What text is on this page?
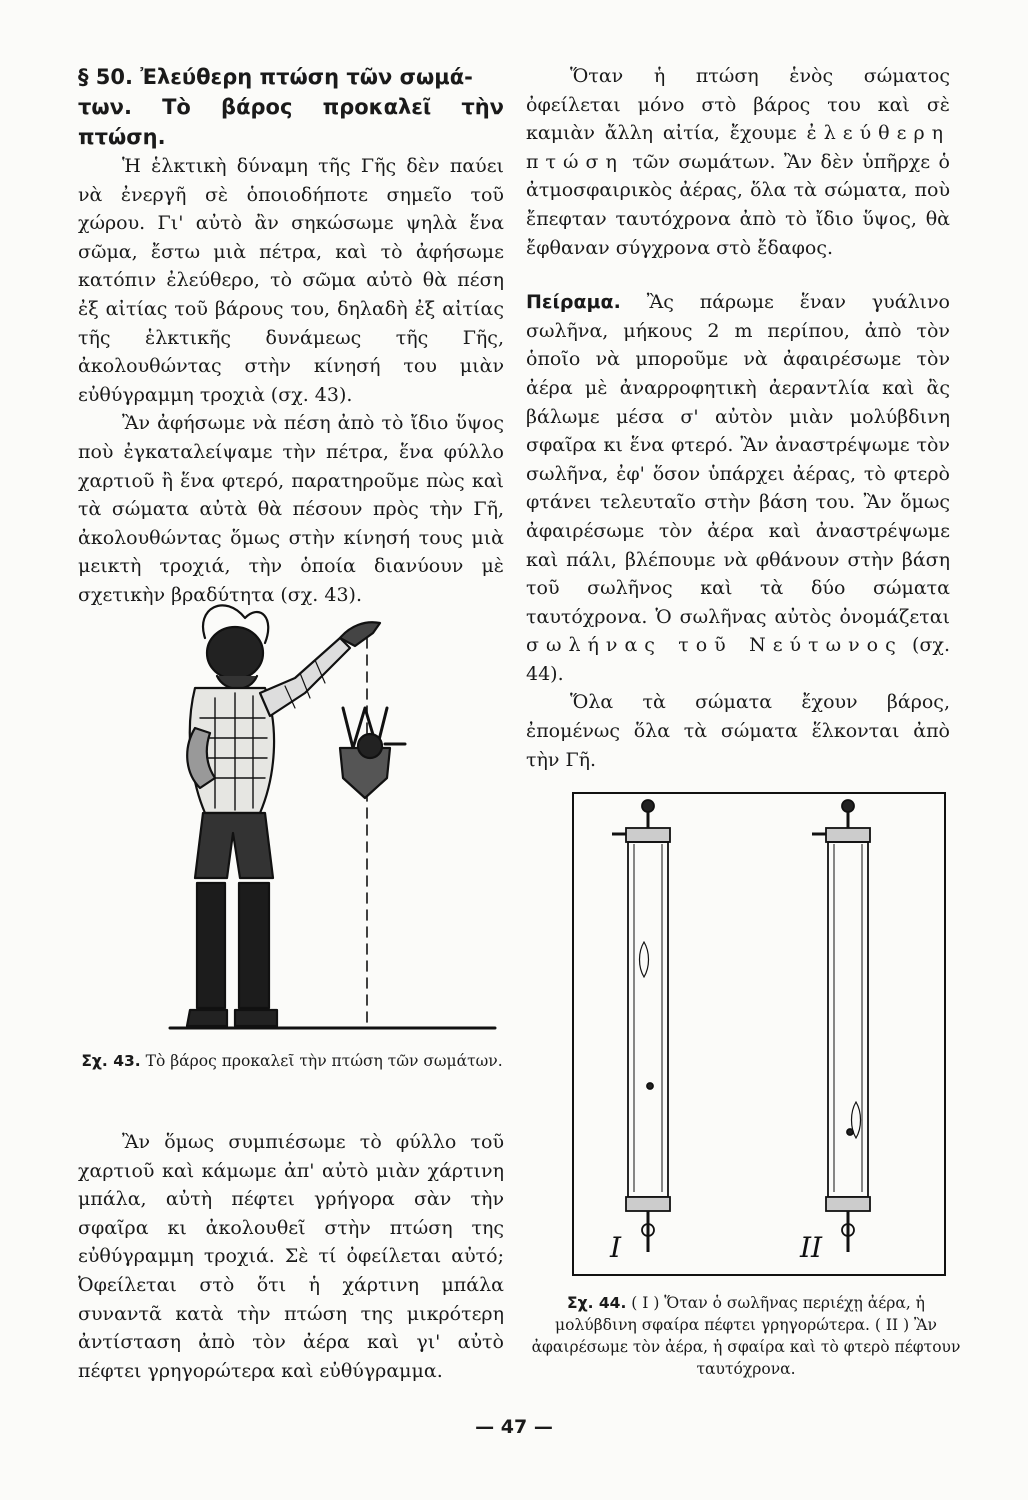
§ 50. Ἐλεύθερη πτώση τῶν σωμά-
των. Τὸ βάρος προκαλεῖ τὴν πτώση.

Ἡ ἑλκτικὴ δύναμη τῆς Γῆς δὲν παύει νὰ ἐνεργῆ σὲ ὁποιοδήποτε σημεῖο τοῦ χώρου. Γι' αὐτὸ ἂν σηκώσωμε ψηλὰ ἕνα σῶμα, ἔστω μιὰ πέτρα, καὶ τὸ ἀφήσωμε κατόπιν ἐλεύθερο, τὸ σῶμα αὐτὸ θὰ πέση ἐξ αἰτίας τοῦ βάρους του, δηλαδὴ ἐξ αἰτίας τῆς ἑλκτικῆς δυνάμεως τῆς Γῆς, ἀκολουθώντας στὴν κίνησή του μιὰν εὐθύγραμμη τροχιὰ (σχ. 43).

Ἂν ἀφήσωμε νὰ πέση ἀπὸ τὸ ἴδιο ὕψος ποὺ ἐγκαταλείψαμε τὴν πέτρα, ἕνα φύλλο χαρτιοῦ ἢ ἕνα φτερό, παρατηροῦμε πὼς καὶ τὰ σώματα αὐτὰ θὰ πέσουν πρὸς τὴν Γῆ, ἀκολουθώντας ὅμως στὴν κίνησή τους μιὰ μεικτὴ τροχιά, τὴν ὁποία διανύουν μὲ σχετικὴν βραδύτητα (σχ. 43).

Σχ. 43. Τὸ βάρος προκαλεῖ τὴν πτώση τῶν σωμάτων.

Ἂν ὅμως συμπιέσωμε τὸ φύλλο τοῦ χαρτιοῦ καὶ κάμωμε ἀπ' αὐτὸ μιὰν χάρτινη μπάλα, αὐτὴ πέφτει γρήγορα σὰν τὴν σφαῖρα κι ἀκολουθεῖ στὴν πτώση της εὐθύγραμμη τροχιά. Σὲ τί ὀφείλεται αὐτό; Ὀφείλεται στὸ ὅτι ἡ χάρτινη μπάλα συναντᾶ κατὰ τὴν πτώση της μικρότερη ἀντίσταση ἀπὸ τὸν ἀέρα καὶ γι' αὐτὸ πέφτει γρηγορώτερα καὶ εὐθύγραμμα.

Ὅταν ἡ πτώση ἑνὸς σώματος ὀφείλεται μόνο στὸ βάρος του καὶ σὲ καμιὰν ἄλλη αἰτία, ἔχουμε ἐλεύθερη πτώση τῶν σωμάτων. Ἂν δὲν ὑπῆρχε ὁ ἀτμοσφαιρικὸς ἀέρας, ὅλα τὰ σώματα, ποὺ ἔπεφταν ταυτόχρονα ἀπὸ τὸ ἴδιο ὕψος, θὰ ἔφθαναν σύγχρονα στὸ ἔδαφος.

Πείραμα. Ἂς πάρωμε ἕναν γυάλινο σωλῆνα, μήκους 2 m περίπου, ἀπὸ τὸν ὁποῖο νὰ μποροῦμε νὰ ἀφαιρέσωμε τὸν ἀέρα μὲ ἀναρροφητικὴ ἀεραντλία καὶ ἂς βάλωμε μέσα σ' αὐτὸν μιὰν μολύβδινη σφαῖρα κι ἕνα φτερό. Ἂν ἀναστρέψωμε τὸν σωλῆνα, ἐφ' ὅσον ὑπάρχει ἀέρας, τὸ φτερὸ φτάνει τελευταῖο στὴν βάση του. Ἂν ὅμως ἀφαιρέσωμε τὸν ἀέρα καὶ ἀναστρέψωμε καὶ πάλι, βλέπουμε νὰ φθάνουν στὴν βάση τοῦ σωλῆνος καὶ τὰ δύο σώματα ταυτόχρονα. Ὁ σωλῆνας αὐτὸς ὀνομάζεται σωλήνας τοῦ Νεύτωνος (σχ. 44).

Ὅλα τὰ σώματα ἔχουν βάρος, ἐπομένως ὅλα τὰ σώματα ἕλκονται ἀπὸ τὴν Γῆ.

I	II
Σχ. 44. ( I ) Ὅταν ὁ σωλῆνας περιέχῃ ἀέρα, ἡ μολύβδινη σφαίρα πέφτει γρηγορώτερα. ( II ) Ἂν ἀφαιρέσωμε τὸν ἀέρα, ἡ σφαίρα καὶ τὸ φτερὸ πέφτουν ταυτόχρονα.
— 47 —
